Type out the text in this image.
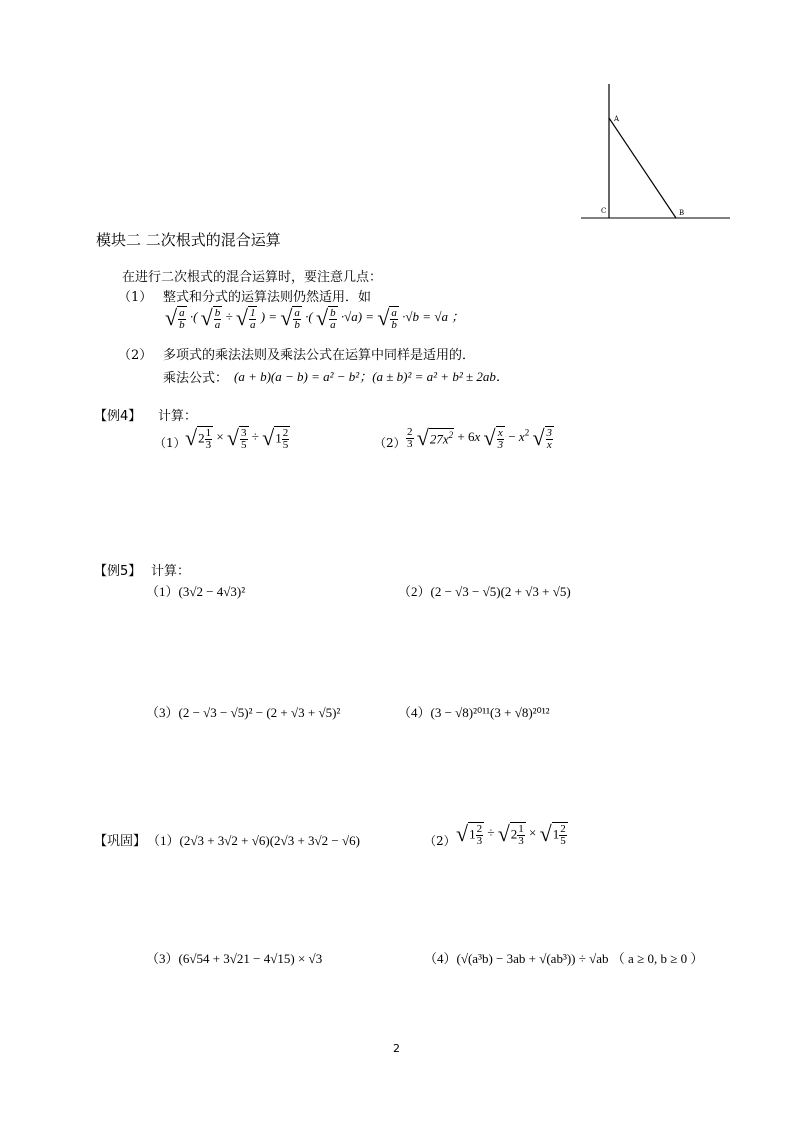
A
B
C
模块二 二次根式的混合运算
在进行二次根式的混合运算时，要注意几点：
（1） 整式和分式的运算法则仍然适用．如
√ $\frac{a}{b}$ ·( √ $\frac{b}{a}$ ÷ √ $\frac{1}{a}$ ) = √ $\frac{a}{b}$ ·( √ $\frac{b}{a} \cdot√a$) = √ $\frac{a}{b} \cdot√b = √a$ ；
（2） 多项式的乘法法则及乘法公式在运算中同样是适用的．
乘法公式： (a + b)(a − b) = a² − b²；(a ± b)² = a² + b² ± 2ab．
【例4】 计算：
（1） $√2 \frac{1}{3}$ × √ $\frac{3}{5} \div √1 \frac{2}{5}$	$(2) \frac{2}{3} √27x^2 + 6x$ √ $\frac{x}{3} - x^2$ √ $\frac{3}{x}$
【例5】 计算：
（1）(3√2 − 4√3)²	（2）(2 − √3 − √5)(2 + √3 + √5)
（3）(2 − √3 − √5)² − (2 + √3 + √5)²	（4）(3 − √8)²⁰¹¹(3 + √8)²⁰¹²
【巩固】 （1）(2√3 + 3√2 + √6)(2√3 + 3√2 − √6)	（2） $√1 \frac{2}{3} \div √2 \frac{1}{3} \times √1 \frac{2}{5}$
（3）(6√54 + 3√21 − 4√15) × √3	（4）(√(a³b) − 3ab + √(ab³)) ÷ √ab （ a ≥ 0, b ≥ 0 ）
2
